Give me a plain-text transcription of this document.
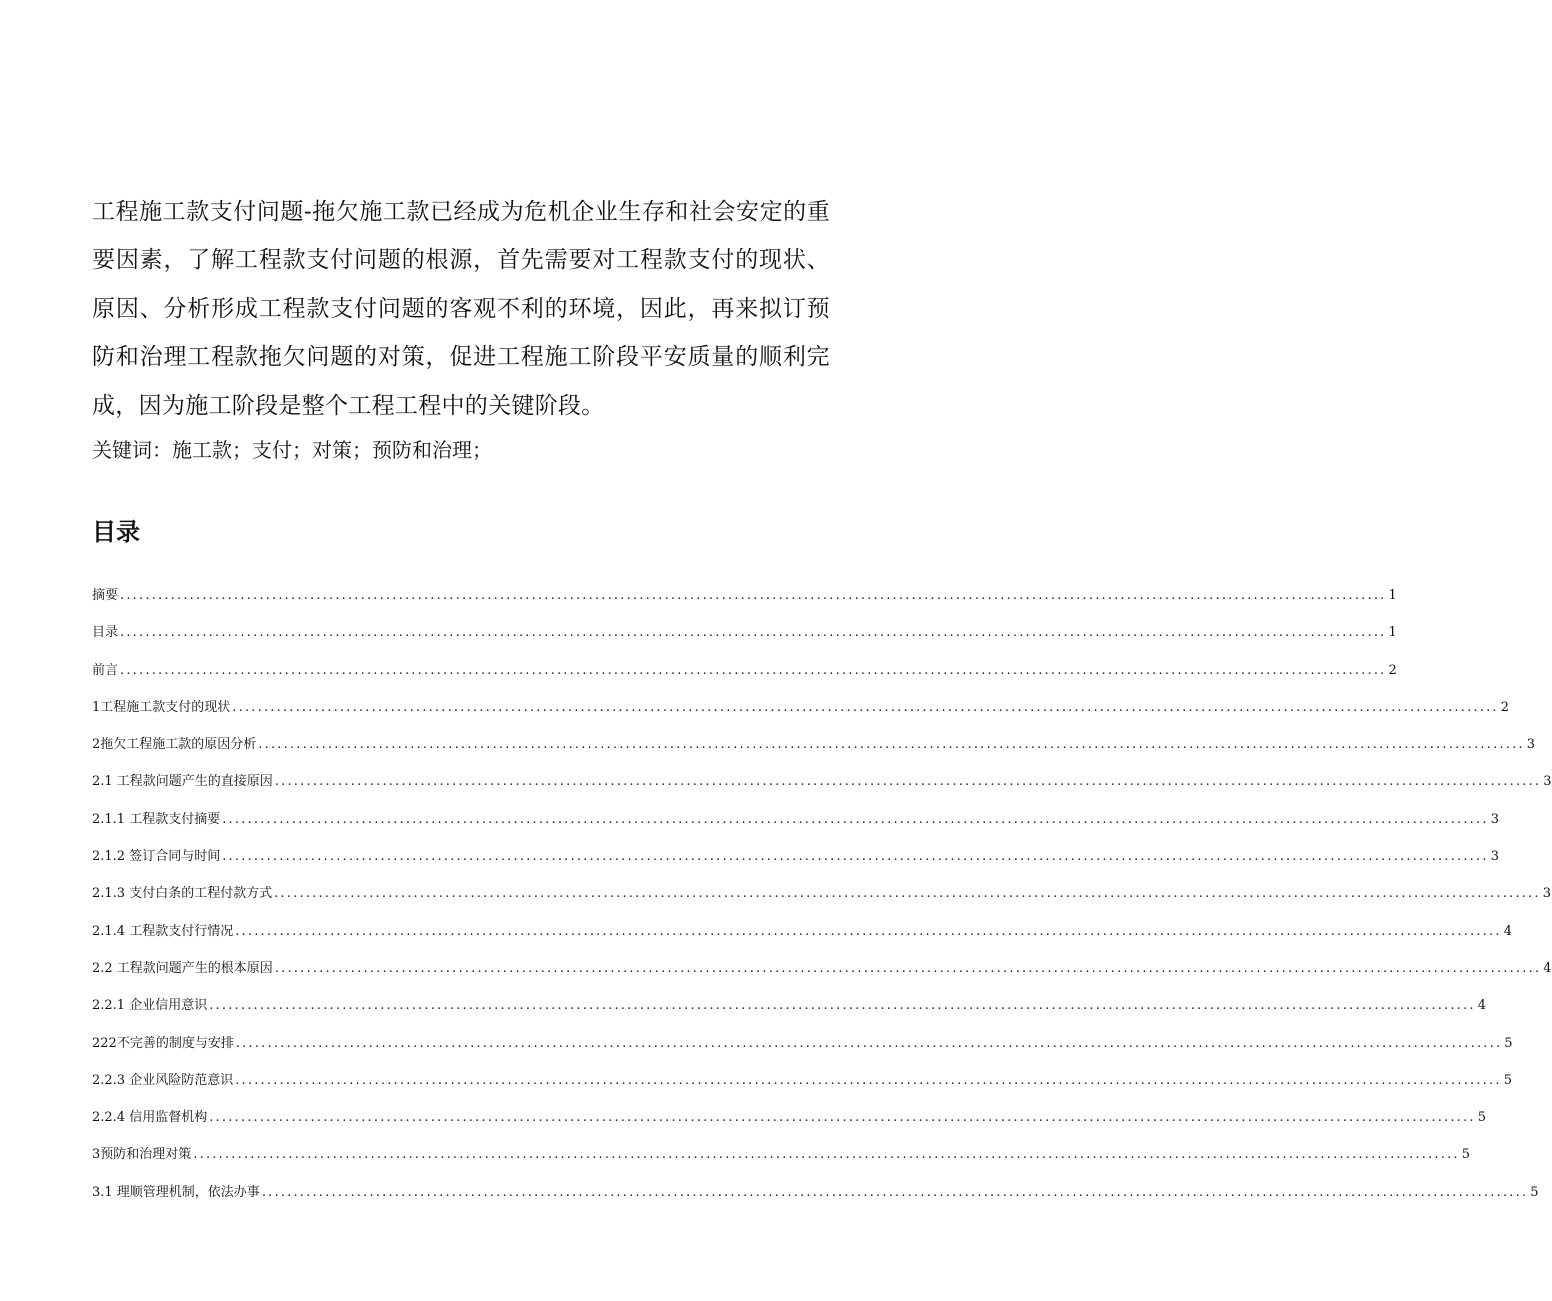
工程施工款支付问题-拖欠施工款已经成为危机企业生存和社会安定的重要因素，了解工程款支付问题的根源，首先需要对工程款支付的现状、原因、分析形成工程款支付问题的客观不利的环境，因此，再来拟订预防和治理工程款拖欠问题的对策，促进工程施工阶段平安质量的顺利完成，因为施工阶段是整个工程工程中的关键阶段。

关键词：施工款；支付；对策；预防和治理；

目录
摘要 ........................................................................................................................................................................................................ 1
目录 ........................................................................................................................................................................................................ 1
前言 ........................................................................................................................................................................................................ 2
1工程施工款支付的现状 ........................................................................................................................................................................................................ 2
2拖欠工程施工款的原因分析 ........................................................................................................................................................................................................ 3
2.1 工程款问题产生的直接原因 ........................................................................................................................................................................................................ 3
2.1.1 工程款支付摘要 ........................................................................................................................................................................................................ 3
2.1.2 签订合同与时间 ........................................................................................................................................................................................................ 3
2.1.3 支付白条的工程付款方式 ........................................................................................................................................................................................................ 3
2.1.4 工程款支付行情况 ........................................................................................................................................................................................................ 4
2.2 工程款问题产生的根本原因 ........................................................................................................................................................................................................ 4
2.2.1 企业信用意识 ........................................................................................................................................................................................................ 4
222不完善的制度与安排 ........................................................................................................................................................................................................ 5
2.2.3 企业风险防范意识 ........................................................................................................................................................................................................ 5
2.2.4 信用监督机构 ........................................................................................................................................................................................................ 5
3预防和治理对策 ........................................................................................................................................................................................................ 5
3.1 理顺管理机制，依法办事 ........................................................................................................................................................................................................ 5
